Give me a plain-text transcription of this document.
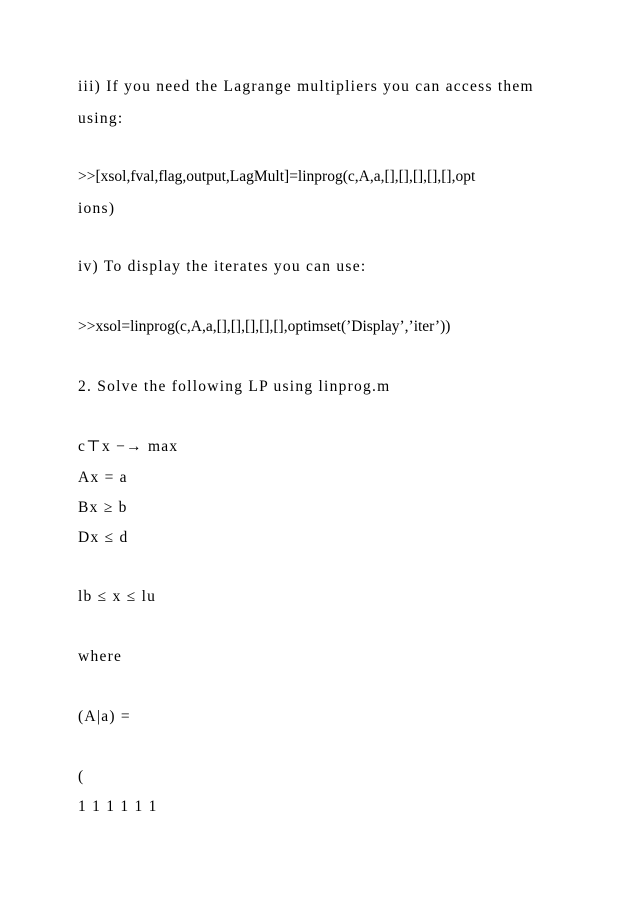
iii) If you need the Lagrange multipliers you can access them
using:
>>[xsol,fval,flag,output,LagMult]=linprog(c,A,a,[],[],[],[],[],opt
ions)
iv) To display the iterates you can use:
>>xsol=linprog(c,A,a,[],[],[],[],[],optimset(’Display’,’iter’))
2. Solve the following LP using linprog.m
c⊤x −→ max
Ax = a
Bx ≥ b
Dx ≤ d
lb ≤ x ≤ lu
where
(A|a) =
(
1 1 1 1 1 1
